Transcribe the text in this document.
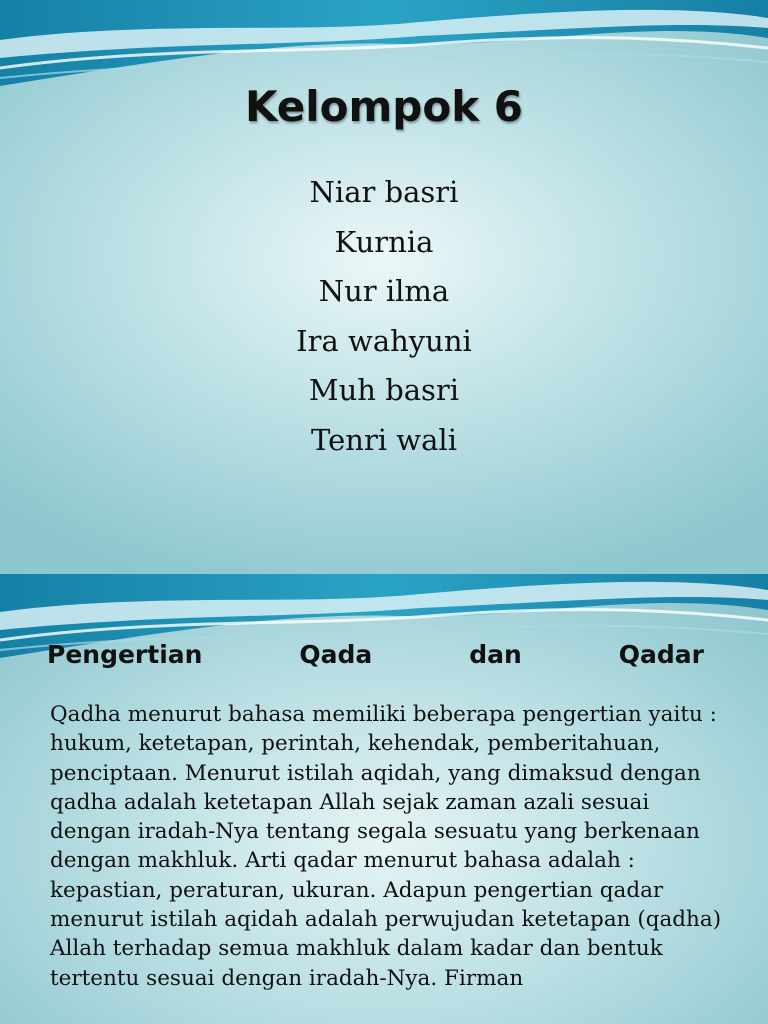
Kelompok 6
Niar basri
Kurnia
Nur ilma
Ira wahyuni
Muh basri
Tenri wali
Pengertian	Qada	dan	Qadar

Qadha menurut bahasa memiliki beberapa pengertian yaitu : hukum, ketetapan, perintah, kehendak, pemberitahuan, penciptaan. Menurut istilah aqidah, yang dimaksud dengan qadha adalah ketetapan Allah sejak zaman azali sesuai dengan iradah-Nya tentang segala sesuatu yang berkenaan dengan makhluk. Arti qadar menurut bahasa adalah : kepastian, peraturan, ukuran. Adapun pengertian qadar menurut istilah aqidah adalah perwujudan ketetapan (qadha) Allah terhadap semua makhluk dalam kadar dan bentuk tertentu sesuai dengan iradah-Nya. Firman
